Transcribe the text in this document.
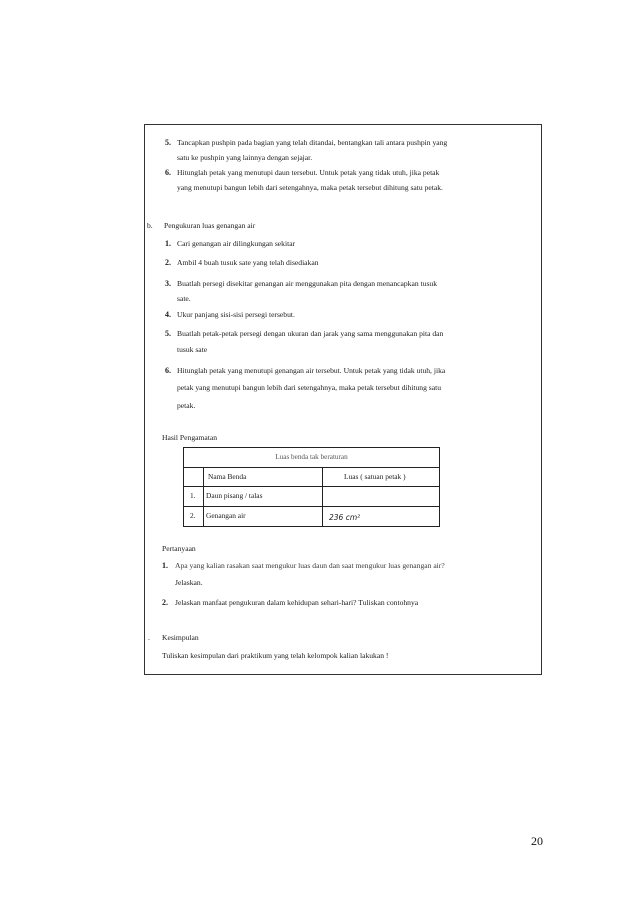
5. Tancapkan pushpin pada bagian yang telah ditandai, bentangkan tali antara pushpin yang
satu ke pushpin yang lainnya dengan sejajar.
6. Hitunglah petak yang menutupi daun tersebut. Untuk petak yang tidak utuh, jika petak
yang menutupi bangun lebih dari setengahnya, maka petak tersebut dihitung satu petak.
b. Pengukuran luas genangan air
1. Cari genangan air dilingkungan sekitar
2. Ambil 4 buah tusuk sate yang telah disediakan
3. Buatlah persegi disekitar genangan air menggunakan pita dengan menancapkan tusuk
sate.
4. Ukur panjang sisi-sisi persegi tersebut.
5. Buatlah petak-petak persegi dengan ukuran dan jarak yang sama menggunakan pita dan
tusuk sate
6. Hitunglah petak yang menutupi genangan air tersebut. Untuk petak yang tidak utuh, jika
petak yang menutupi bangun lebih dari setengahnya, maka petak tersebut dihitung satu
petak.
Hasil Pengamatan
Luas benda tak beraturan
Nama Benda	Luas ( satuan petak )
1. Daun pisang / talas
2. Genangan air	236 cm²
Pertanyaan
1. Apa yang kalian rasakan saat mengukur luas daun dan saat mengukur luas genangan air?
Jelaskan.
2. Jelaskan manfaat pengukuran dalam kehidupan sehari-hari? Tuliskan contohnya
. Kesimpulan
Tuliskan kesimpulan dari praktikum yang telah kelompok kalian lakukan !
20
